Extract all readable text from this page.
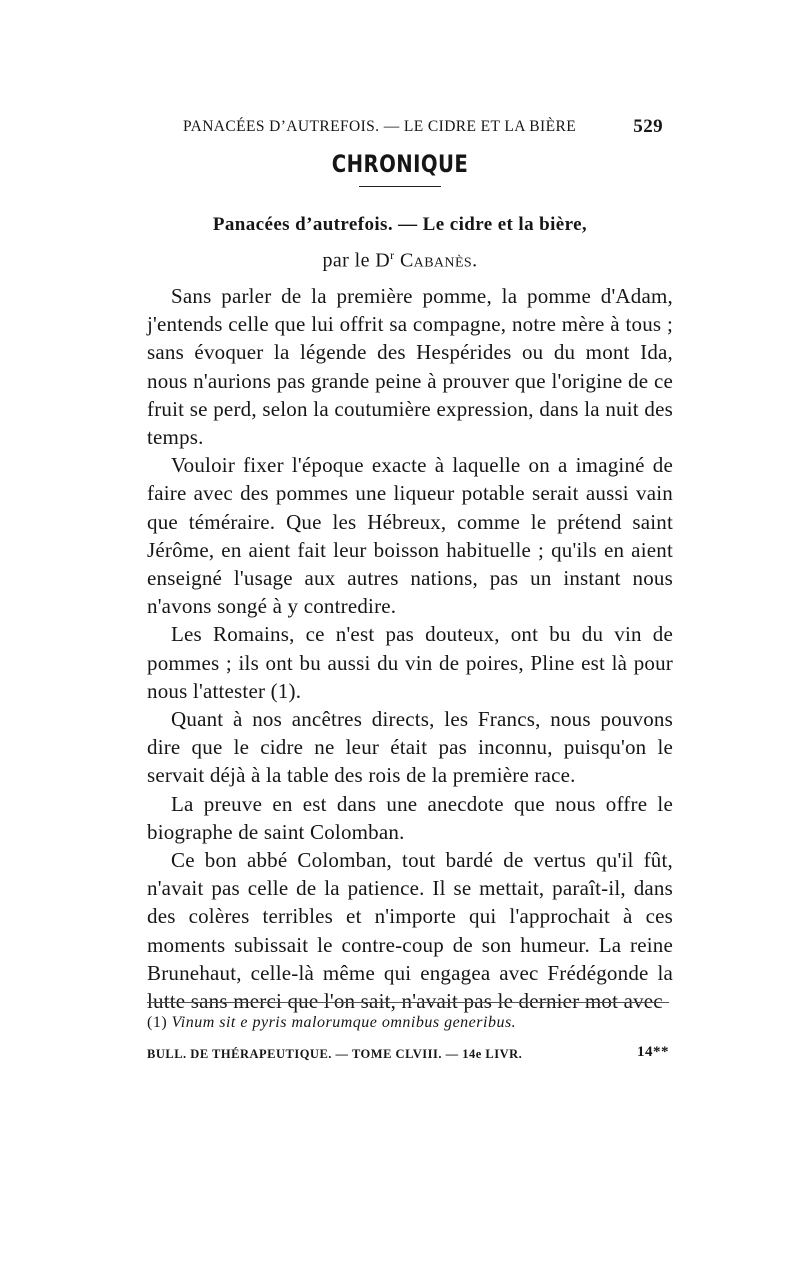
PANACÉES D’AUTREFOIS. — LE CIDRE ET LA BIÈRE	529
CHRONIQUE
Panacées d’autrefois. — Le cidre et la bière,
par le $D^r$ Cabanès.

Sans parler de la première pomme, la pomme d'Adam, j'entends celle que lui offrit sa compagne, notre mère à tous ; sans évoquer la légende des Hespérides ou du mont Ida, nous n'aurions pas grande peine à prouver que l'origine de ce fruit se perd, selon la coutumière expression, dans la nuit des temps.

Vouloir fixer l'époque exacte à laquelle on a imaginé de faire avec des pommes une liqueur potable serait aussi vain que téméraire. Que les Hébreux, comme le prétend saint Jérôme, en aient fait leur boisson habituelle ; qu'ils en aient enseigné l'usage aux autres nations, pas un instant nous n'avons songé à y contredire.

Les Romains, ce n'est pas douteux, ont bu du vin de pommes ; ils ont bu aussi du vin de poires, Pline est là pour nous l'attester (1).

Quant à nos ancêtres directs, les Francs, nous pouvons dire que le cidre ne leur était pas inconnu, puisqu'on le servait déjà à la table des rois de la première race.

La preuve en est dans une anecdote que nous offre le biographe de saint Colomban.

Ce bon abbé Colomban, tout bardé de vertus qu'il fût, n'avait pas celle de la patience. Il se mettait, paraît-il, dans des colères terribles et n'importe qui l'approchait à ces moments subissait le contre-coup de son humeur. La reine Brunehaut, celle-là même qui engagea avec Frédégonde la lutte sans merci que l'on sait, n'avait pas le dernier mot avec

(1) Vinum sit e pyris malorumque omnibus generibus.
BULL. DE THÉRAPEUTIQUE. — TOME CLVIII. — 14e LIVR.	14**
